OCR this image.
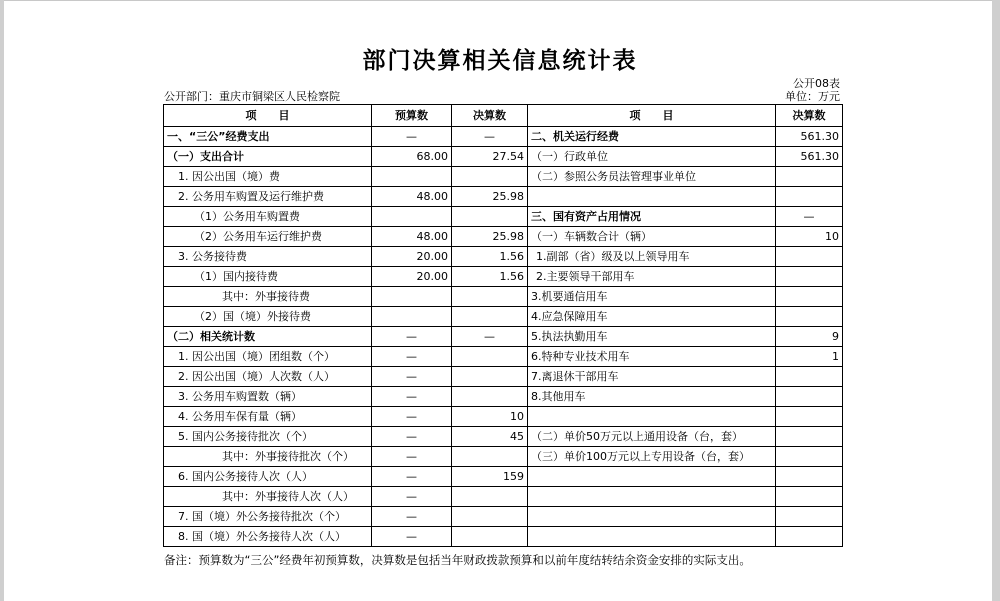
部门决算相关信息统计表
公开08表
单位：万元
公开部门：重庆市铜梁区人民检察院
项　　目	预算数	决算数	项　　目	决算数
一、“三公”经费支出	—	—	二、机关运行经费	561.30
（一）支出合计	68.00	27.54	（一）行政单位	561.30
1. 因公出国（境）费			（二）参照公务员法管理事业单位	
2. 公务用车购置及运行维护费	48.00	25.98		
（1）公务用车购置费			三、国有资产占用情况	—
（2）公务用车运行维护费	48.00	25.98	（一）车辆数合计（辆）	10
3. 公务接待费	20.00	1.56	1.副部（省）级及以上领导用车	
（1）国内接待费	20.00	1.56	2.主要领导干部用车	
其中：外事接待费			3.机要通信用车	
（2）国（境）外接待费			4.应急保障用车	
（二）相关统计数	—	—	5.执法执勤用车	9
1. 因公出国（境）团组数（个）	—		6.特种专业技术用车	1
2. 因公出国（境）人次数（人）	—		7.离退休干部用车	
3. 公务用车购置数（辆）	—		8.其他用车	
4. 公务用车保有量（辆）	—	10		
5. 国内公务接待批次（个）	—	45	（二）单价50万元以上通用设备（台，套）	
其中：外事接待批次（个）	—		（三）单价100万元以上专用设备（台，套）	
6. 国内公务接待人次（人）	—	159		
其中：外事接待人次（人）	—			
7. 国（境）外公务接待批次（个）	—			
8. 国（境）外公务接待人次（人）	—			
备注：预算数为“三公”经费年初预算数，决算数是包括当年财政拨款预算和以前年度结转结余资金安排的实际支出。
